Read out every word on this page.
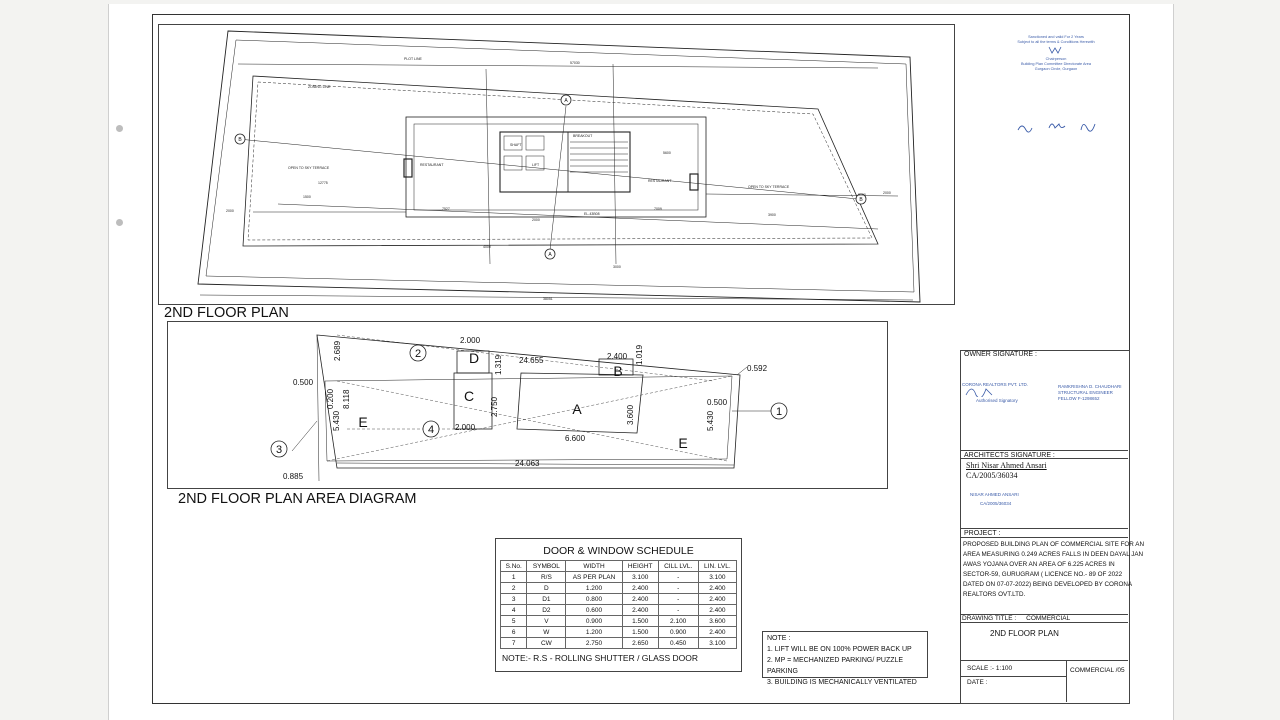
A
A
B
B
PLOT LINE
ZONING LINE
RESTAURANT
RESTAURANT
BREAKOUT
OPEN TO SKY TERRACE
OPEN TO SKY TERRACE
EL-43B08
SHAFT
LIFT
57030
2000
12775
7527	7009
5600
3000
1500
3900
2000
3000
2000
4000
38051
2ND FLOOR PLAN
2
1
3
4
A
B
C
D
E
E
2.000
2.689	24.655	2.400 1.019
0.592
1.319
0.500
0.200 8.118	2.750	3.600
0.500
5.430	5.430
2.000
6.600
24.063
0.885
2ND FLOOR PLAN AREA DIAGRAM
DOOR & WINDOW SCHEDULE
S.No.	SYMBOL	WIDTH	HEIGHT	CILL LVL.	LIN. LVL.
1	R/S	AS PER PLAN	3.100	-	3.100
2	D	1.200	2.400	-	2.400
3	D1	0.800	2.400	-	2.400
4	D2	0.600	2.400	-	2.400
5	V	0.900	1.500	2.100	3.600
6	W	1.200	1.500	0.900	2.400
7	CW	2.750	2.650	0.450	3.100
NOTE:- R.S - ROLLING SHUTTER / GLASS DOOR
NOTE :
1. LIFT WILL BE ON 100% POWER BACK UP
2. MP = MECHANIZED PARKING/ PUZZLE PARKING
3. BUILDING IS MECHANICALLY VENTILATED
Sanctioned and valid For 2 Years
Subject to all the terms & Conditions Herewith
Chairperson
Building Plan Committee Directorate Area
Gurgaon Circle, Gurgaon
OWNER SIGNATURE :
CORONA REALTORS PVT. LTD.
Authorised Signatory
RAMKRISHNA D. CHAUDHARI
STRUCTURAL ENGINEER
FELLOW F-1298652
ARCHITECTS SIGNATURE :
Shri Nisar Ahmed Ansari
CA/2005/36034
NISAR AHMED ANSARI
CA/2005/36034
PROJECT :
PROPOSED BUILDING PLAN OF COMMERCIAL SITE FOR AN
AREA MEASURING 0.249 ACRES FALLS IN DEEN DAYAL JAN
AWAS YOJANA OVER AN AREA OF 6.225 ACRES IN
SECTOR-59, GURUGRAM ( LICENCE NO.- 89 OF 2022
DATED ON 07-07-2022) BEING DEVELOPED BY CORONA
REALTORS OVT.LTD.
DRAWING TITLE : COMMERCIAL
2ND FLOOR PLAN
SCALE :- 1:100
DATE :
COMMERCIAL /05
